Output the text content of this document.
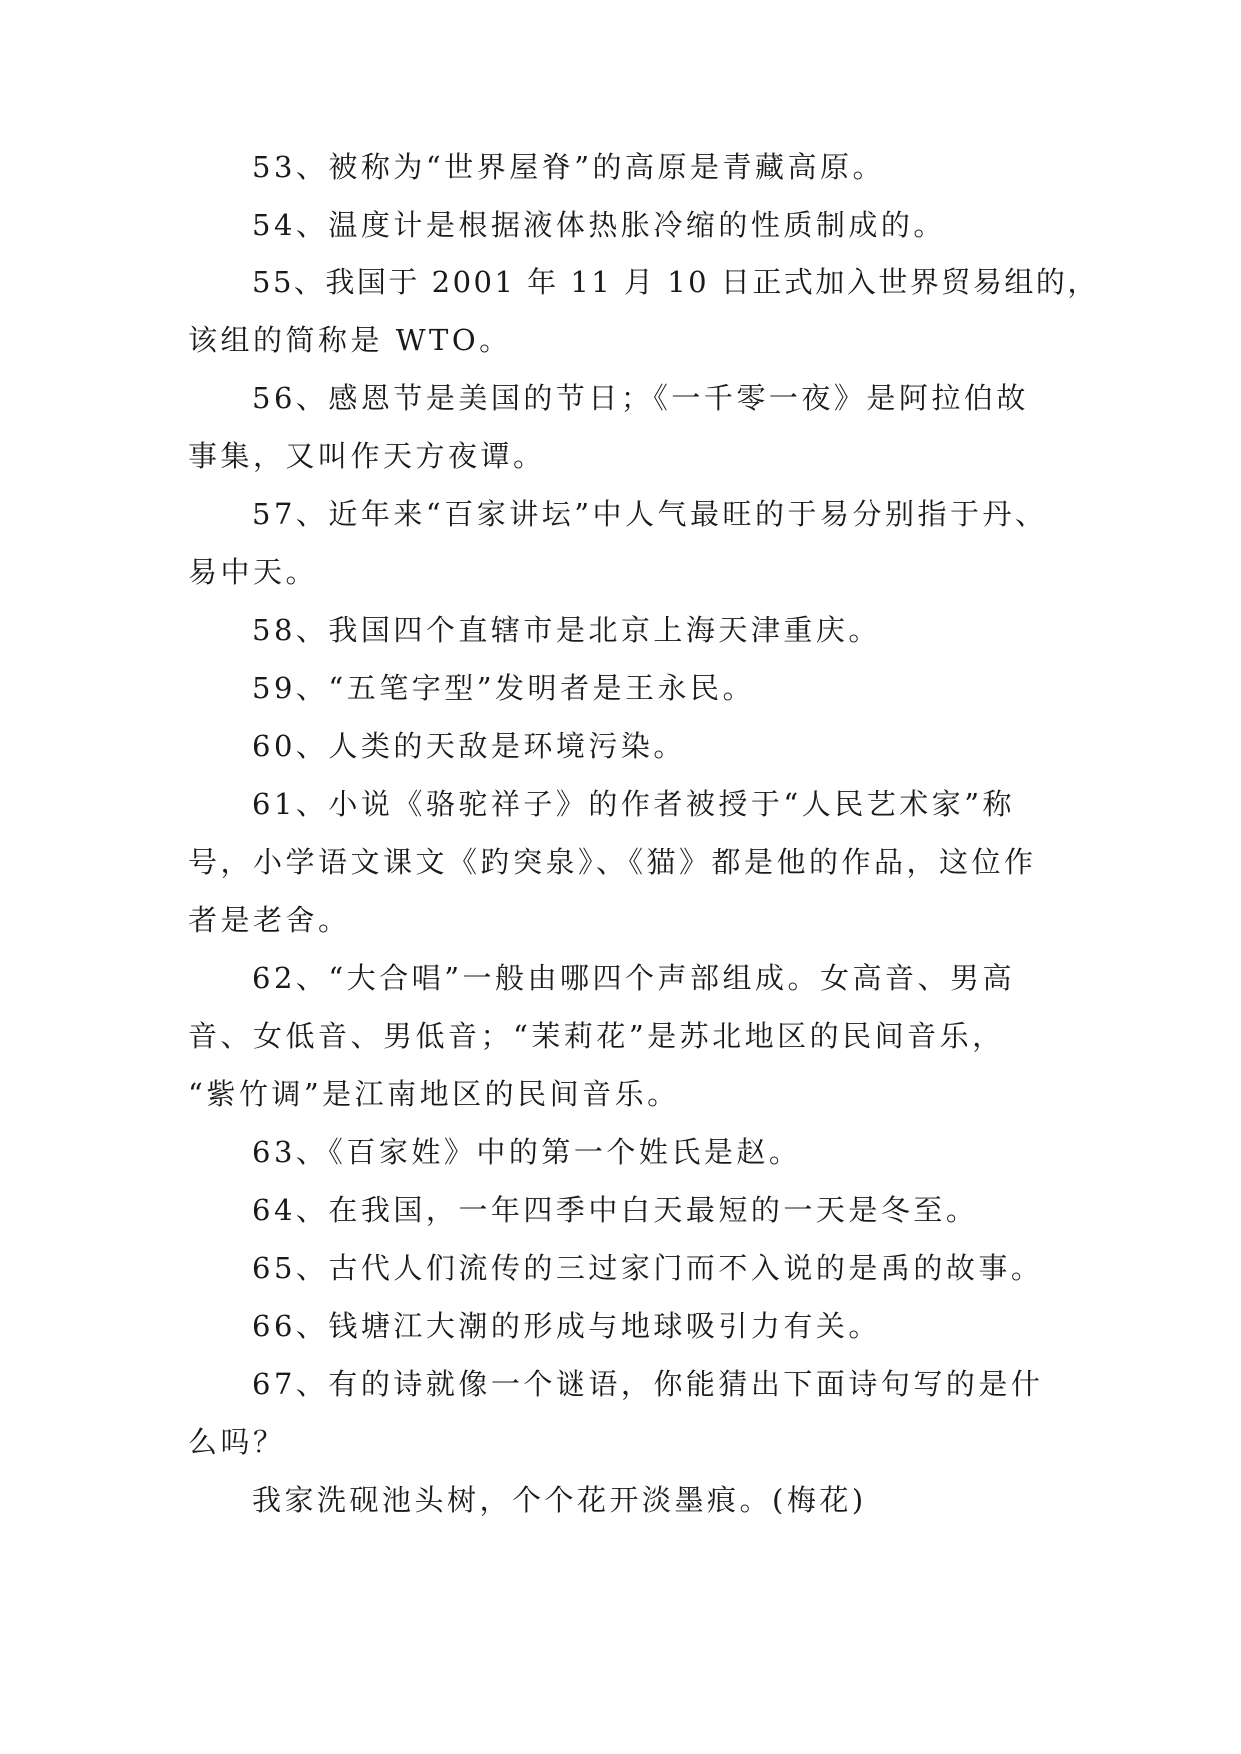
53、被称为“世界屋脊”的高原是青藏高原。
54、温度计是根据液体热胀冷缩的性质制成的。
55、我国于 2001 年 11 月 10 日正式加入世界贸易组的，
该组的简称是 WTO。
56、感恩节是美国的节日；《一千零一夜》是阿拉伯故
事集，又叫作天方夜谭。
57、近年来“百家讲坛”中人气最旺的于易分别指于丹、
易中天。
58、我国四个直辖市是北京上海天津重庆。
59、“五笔字型”发明者是王永民。
60、人类的天敌是环境污染。
61、小说《骆驼祥子》的作者被授于“人民艺术家”称
号，小学语文课文《趵突泉》、《猫》都是他的作品，这位作
者是老舍。
62、“大合唱”一般由哪四个声部组成。女高音、男高
音、女低音、男低音；“茉莉花”是苏北地区的民间音乐，
“紫竹调”是江南地区的民间音乐。
63、《百家姓》中的第一个姓氏是赵。
64、在我国，一年四季中白天最短的一天是冬至。
65、古代人们流传的三过家门而不入说的是禹的故事。
66、钱塘江大潮的形成与地球吸引力有关。
67、有的诗就像一个谜语，你能猜出下面诗句写的是什
么吗？
我家洗砚池头树，个个花开淡墨痕。(梅花)
